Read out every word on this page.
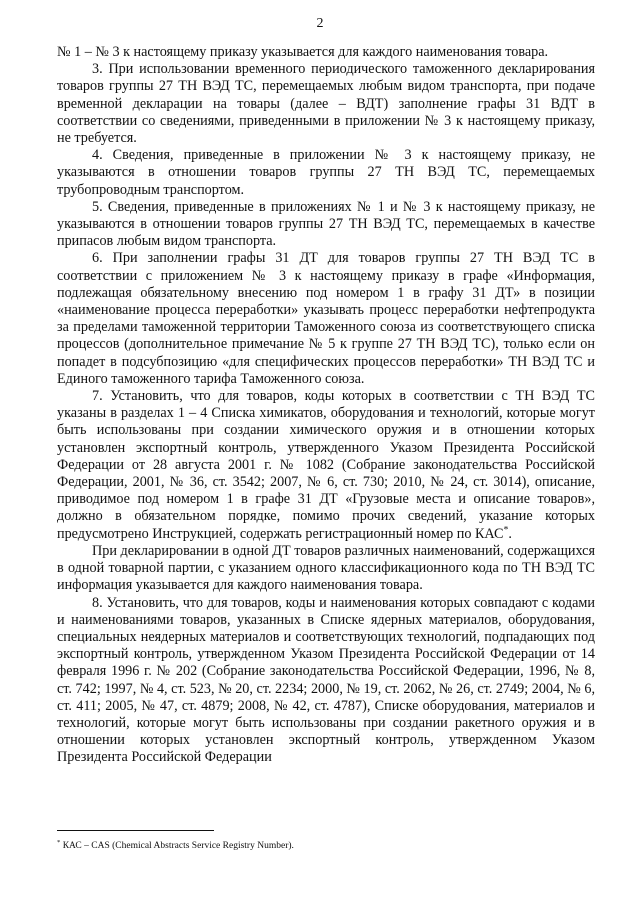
2

№ 1 – № 3 к настоящему приказу указывается для каждого наименования товара.

3. При использовании временного периодического таможенного декларирования товаров группы 27 ТН ВЭД ТС, перемещаемых любым видом транспорта, при подаче временной декларации на товары (далее – ВДТ) заполнение графы 31 ВДТ в соответствии со сведениями, приведенными в приложении № 3 к настоящему приказу, не требуется.

4. Сведения, приведенные в приложении № 3 к настоящему приказу, не указываются в отношении товаров группы 27 ТН ВЭД ТС, перемещаемых трубопроводным транспортом.

5. Сведения, приведенные в приложениях № 1 и № 3 к настоящему приказу, не указываются в отношении товаров группы 27 ТН ВЭД ТС, перемещаемых в качестве припасов любым видом транспорта.

6. При заполнении графы 31 ДТ для товаров группы 27 ТН ВЭД ТС в соответствии с приложением № 3 к настоящему приказу в графе «Информация, подлежащая обязательному внесению под номером 1 в графу 31 ДТ» в позиции «наименование процесса переработки» указывать процесс переработки нефтепродукта за пределами таможенной территории Таможенного союза из соответствующего списка процессов (дополнительное примечание № 5 к группе 27 ТН ВЭД ТС), только если он попадет в подсубпозицию «для специфических процессов переработки» ТН ВЭД ТС и Единого таможенного тарифа Таможенного союза.

7. Установить, что для товаров, коды которых в соответствии с ТН ВЭД ТС указаны в разделах 1 – 4 Списка химикатов, оборудования и технологий, которые могут быть использованы при создании химического оружия и в отношении которых установлен экспортный контроль, утвержденного Указом Президента Российской Федерации от 28 августа 2001 г. № 1082 (Собрание законодательства Российской Федерации, 2001, № 36, ст. 3542; 2007, № 6, ст. 730; 2010, № 24, ст. 3014), описание, приводимое под номером 1 в графе 31 ДТ «Грузовые места и описание товаров», должно в обязательном порядке, помимо прочих сведений, указание которых предусмотрено Инструкцией, содержать регистрационный номер по КАС*.

При декларировании в одной ДТ товаров различных наименований, содержащихся в одной товарной партии, с указанием одного классификационного кода по ТН ВЭД ТС информация указывается для каждого наименования товара.

8. Установить, что для товаров, коды и наименования которых совпадают с кодами и наименованиями товаров, указанных в Списке ядерных материалов, оборудования, специальных неядерных материалов и соответствующих технологий, подпадающих под экспортный контроль, утвержденном Указом Президента Российской Федерации от 14 февраля 1996 г. № 202 (Собрание законодательства Российской Федерации, 1996, № 8, ст. 742; 1997, № 4, ст. 523, № 20, ст. 2234; 2000, № 19, ст. 2062, № 26, ст. 2749; 2004, № 6, ст. 411; 2005, № 47, ст. 4879; 2008, № 42, ст. 4787), Списке оборудования, материалов и технологий, которые могут быть использованы при создании ракетного оружия и в отношении которых установлен экспортный контроль, утвержденном Указом Президента Российской Федерации

* КАС – CAS (Chemical Abstracts Service Registry Number).
